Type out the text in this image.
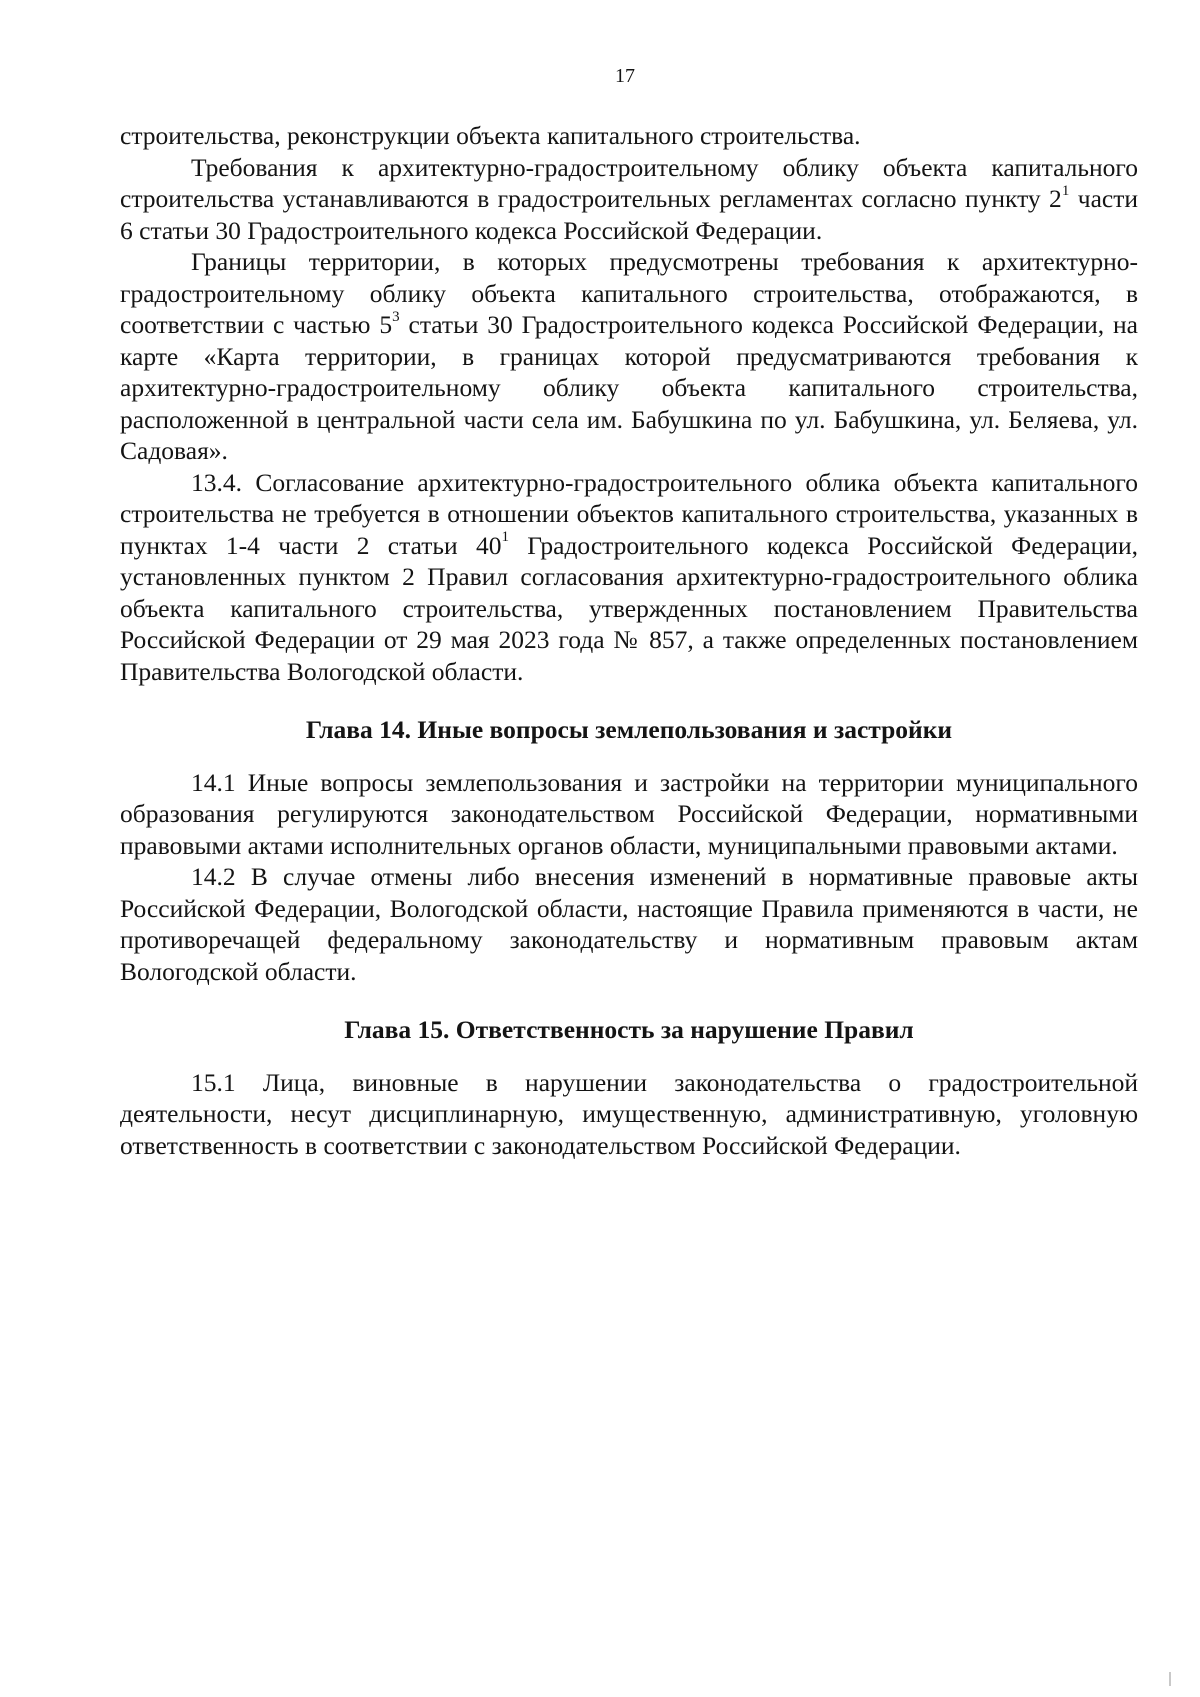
17

строительства, реконструкции объекта капитального строительства.

Требования к архитектурно-градостроительному облику объекта капитального строительства устанавливаются в градостроительных регламентах согласно пункту $2^1$ части 6 статьи 30 Градостроительного кодекса Российской Федерации.

Границы территории, в которых предусмотрены требования к архитектурно-градостроительному облику объекта капитального строительства, отображаются, в соответствии с частью $5^3$ статьи 30 Градостроительного кодекса Российской Федерации, на карте «Карта территории, в границах которой предусматриваются требования к архитектурно-градостроительному облику объекта капитального строительства, расположенной в центральной части села им. Бабушкина по ул. Бабушкина, ул. Беляева, ул. Садовая».

13.4. Согласование архитектурно-градостроительного облика объекта капитального строительства не требуется в отношении объектов капитального строительства, указанных в пунктах 1-4 части 2 статьи $40^1$ Градостроительного кодекса Российской Федерации, установленных пунктом 2 Правил согласования архитектурно-градостроительного облика объекта капитального строительства, утвержденных постановлением Правительства Российской Федерации от 29 мая 2023 года № 857, а также определенных постановлением Правительства Вологодской области.

Глава 14. Иные вопросы землепользования и застройки

14.1 Иные вопросы землепользования и застройки на территории муниципального образования регулируются законодательством Российской Федерации, нормативными правовыми актами исполнительных органов области, муниципальными правовыми актами.

14.2 В случае отмены либо внесения изменений в нормативные правовые акты Российской Федерации, Вологодской области, настоящие Правила применяются в части, не противоречащей федеральному законодательству и нормативным правовым актам Вологодской области.

Глава 15. Ответственность за нарушение Правил

15.1 Лица, виновные в нарушении законодательства о градостроительной деятельности, несут дисциплинарную, имущественную, административную, уголовную ответственность в соответствии с законодательством Российской Федерации.
